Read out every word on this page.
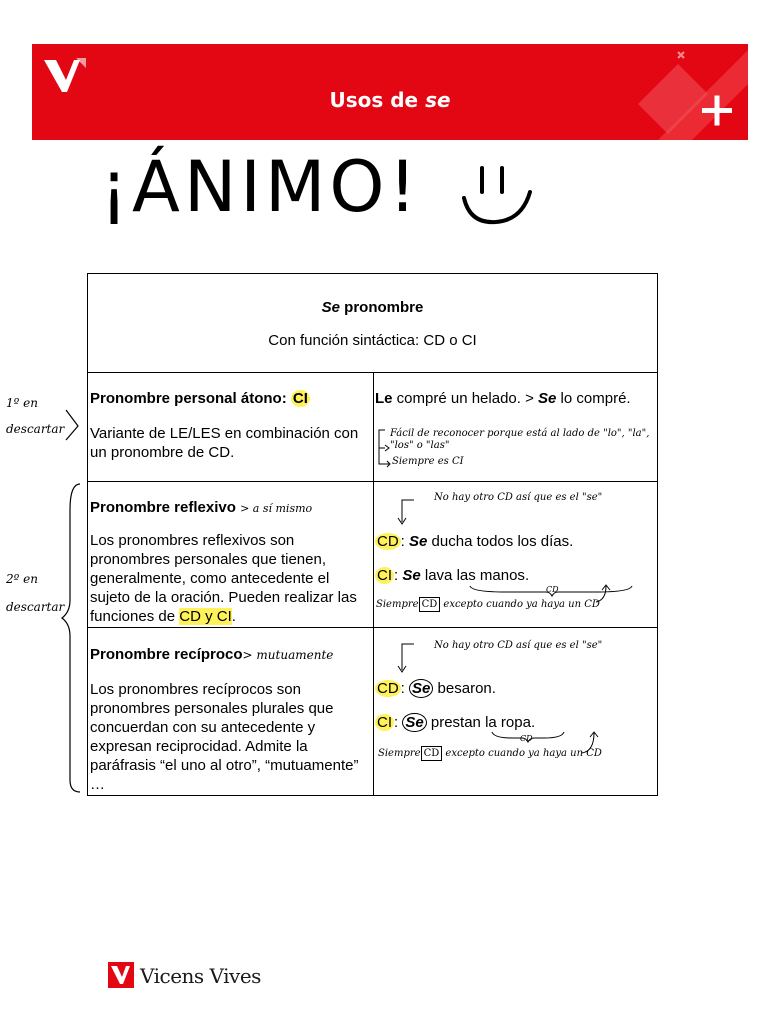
Usos de se
¡ÁNIMO!
Se pronombre
Con función sintáctica: CD o CI
Pronombre personal átono: CI
Variante de LE/LES en combinación con un pronombre de CD.
Le compré un helado. > Se lo compré.
Fácil de reconocer porque está al lado de "lo", "la", "los" o "las"
Siempre es CI
Pronombre reflexivo > a sí mismo
Los pronombres reflexivos son pronombres personales que tienen, generalmente, como antecedente el sujeto de la oración. Pueden realizar las funciones de CD y CI.
No hay otro CD así que es el "se"
CD : Se ducha todos los días.
CI : Se lava las manos.
CD
Siempre CD excepto cuando ya haya un CD
Pronombre recíproco> mutuamente
Los pronombres recíprocos son pronombres personales plurales que concuerdan con su antecedente y expresan reciprocidad. Admite la paráfrasis “el uno al otro”, “mutuamente” …
No hay otro CD así que es el "se"
CD : Se besaron.
CI : Se prestan la ropa.
CD
Siempre CD excepto cuando ya haya un CD
1º en
descartar
2º en
descartar
Vicens Vives
